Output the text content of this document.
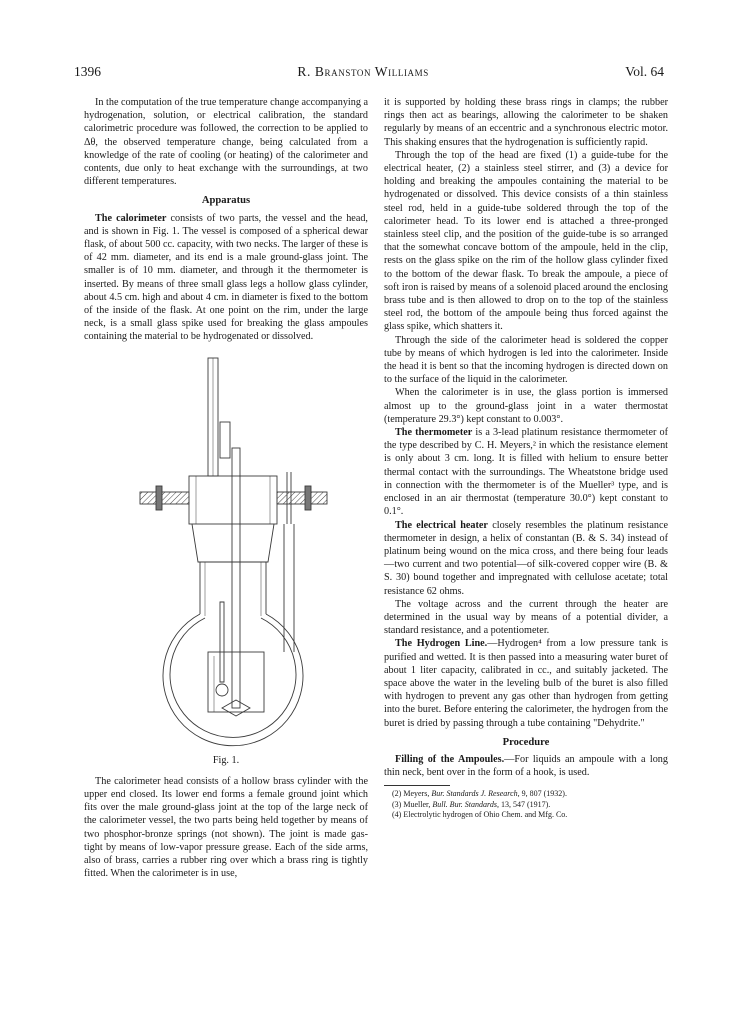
1396	R. Branston Williams	Vol. 64

In the computation of the true temperature change accompanying a hydrogenation, solution, or electrical calibration, the standard calorimetric procedure was followed, the correction to be applied to Δθ, the observed temperature change, being calculated from a knowledge of the rate of cooling (or heating) of the calorimeter and contents, due only to heat exchange with the surroundings, at two different temperatures.

Apparatus

The calorimeter consists of two parts, the vessel and the head, and is shown in Fig. 1. The vessel is composed of a spherical dewar flask, of about 500 cc. capacity, with two necks. The larger of these is of 42 mm. diameter, and its end is a male ground-glass joint. The smaller is of 10 mm. diameter, and through it the thermometer is inserted. By means of three small glass legs a hollow glass cylinder, about 4.5 cm. high and about 4 cm. in diameter is fixed to the bottom of the inside of the flask. At one point on the rim, under the large neck, is a small glass spike used for breaking the glass ampoules containing the material to be hydrogenated or dissolved.

Fig. 1.

The calorimeter head consists of a hollow brass cylinder with the upper end closed. Its lower end forms a female ground joint which fits over the male ground-glass joint at the top of the large neck of the calorimeter vessel, the two parts being held together by means of two phosphor-bronze springs (not shown). The joint is made gas-tight by means of low-vapor pressure grease. Each of the side arms, also of brass, carries a rubber ring over which a brass ring is tightly fitted. When the calorimeter is in use,

it is supported by holding these brass rings in clamps; the rubber rings then act as bearings, allowing the calorimeter to be shaken regularly by means of an eccentric and a synchronous electric motor. This shaking ensures that the hydrogenation is sufficiently rapid.

Through the top of the head are fixed (1) a guide-tube for the electrical heater, (2) a stainless steel stirrer, and (3) a device for holding and breaking the ampoules containing the material to be hydrogenated or dissolved. This device consists of a thin stainless steel rod, held in a guide-tube soldered through the top of the calorimeter head. To its lower end is attached a three-pronged stainless steel clip, and the position of the guide-tube is so arranged that the somewhat concave bottom of the ampoule, held in the clip, rests on the glass spike on the rim of the hollow glass cylinder fixed to the bottom of the dewar flask. To break the ampoule, a piece of soft iron is raised by means of a solenoid placed around the enclosing brass tube and is then allowed to drop on to the top of the stainless steel rod, the bottom of the ampoule being thus forced against the glass spike, which shatters it.

Through the side of the calorimeter head is soldered the copper tube by means of which hydrogen is led into the calorimeter. Inside the head it is bent so that the incoming hydrogen is directed down on to the surface of the liquid in the calorimeter.

When the calorimeter is in use, the glass portion is immersed almost up to the ground-glass joint in a water thermostat (temperature 29.3°) kept constant to 0.003°.

The thermometer is a 3-lead platinum resistance thermometer of the type described by C. H. Meyers,² in which the resistance element is only about 3 cm. long. It is filled with helium to ensure better thermal contact with the surroundings. The Wheatstone bridge used in connection with the thermometer is of the Mueller³ type, and is enclosed in an air thermostat (temperature 30.0°) kept constant to 0.1°.

The electrical heater closely resembles the platinum resistance thermometer in design, a helix of constantan (B. & S. 34) instead of platinum being wound on the mica cross, and there being four leads—two current and two potential—of silk-covered copper wire (B. & S. 30) bound together and impregnated with cellulose acetate; total resistance 62 ohms.

The voltage across and the current through the heater are determined in the usual way by means of a potential divider, a standard resistance, and a potentiometer.

The Hydrogen Line.—Hydrogen⁴ from a low pressure tank is purified and wetted. It is then passed into a measuring water buret of about 1 liter capacity, calibrated in cc., and suitably jacketed. The space above the water in the leveling bulb of the buret is also filled with hydrogen to prevent any gas other than hydrogen from getting into the buret. Before entering the calorimeter, the hydrogen from the buret is dried by passing through a tube containing "Dehydrite."

Procedure

Filling of the Ampoules.—For liquids an ampoule with a long thin neck, bent over in the form of a hook, is used.

(2) Meyers, Bur. Standards J. Research, 9, 807 (1932).

(3) Mueller, Bull. Bur. Standards, 13, 547 (1917).

(4) Electrolytic hydrogen of Ohio Chem. and Mfg. Co.
